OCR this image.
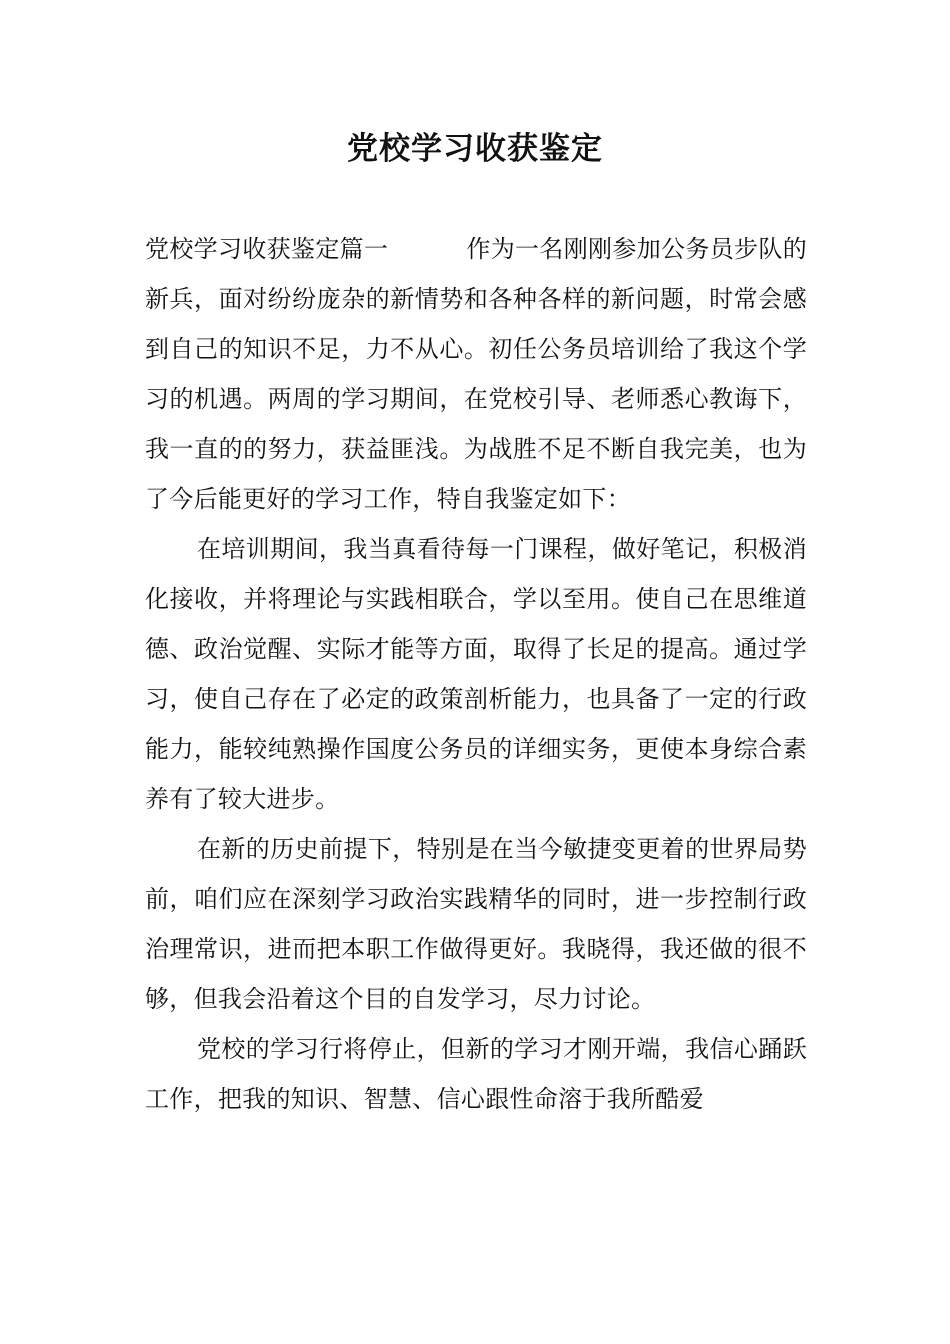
党校学习收获鉴定

党校学习收获鉴定篇一	作为一名刚刚参加公务员步队的新兵，面对纷纷庞杂的新情势和各种各样的新问题，时常会感到自己的知识不足，力不从心。初任公务员培训给了我这个学习的机遇。两周的学习期间，在党校引导、老师悉心教诲下，我一直的的努力，获益匪浅。为战胜不足不断自我完美，也为了今后能更好的学习工作，特自我鉴定如下：

在培训期间，我当真看待每一门课程，做好笔记，积极消化接收，并将理论与实践相联合，学以至用。使自己在思维道德、政治觉醒、实际才能等方面，取得了长足的提高。通过学习，使自己存在了必定的政策剖析能力，也具备了一定的行政能力，能较纯熟操作国度公务员的详细实务，更使本身综合素养有了较大进步。

在新的历史前提下，特别是在当今敏捷变更着的世界局势前，咱们应在深刻学习政治实践精华的同时，进一步控制行政治理常识，进而把本职工作做得更好。我晓得，我还做的很不够，但我会沿着这个目的自发学习，尽力讨论。

党校的学习行将停止，但新的学习才刚开端，我信心踊跃工作，把我的知识、智慧、信心跟性命溶于我所酷爱
